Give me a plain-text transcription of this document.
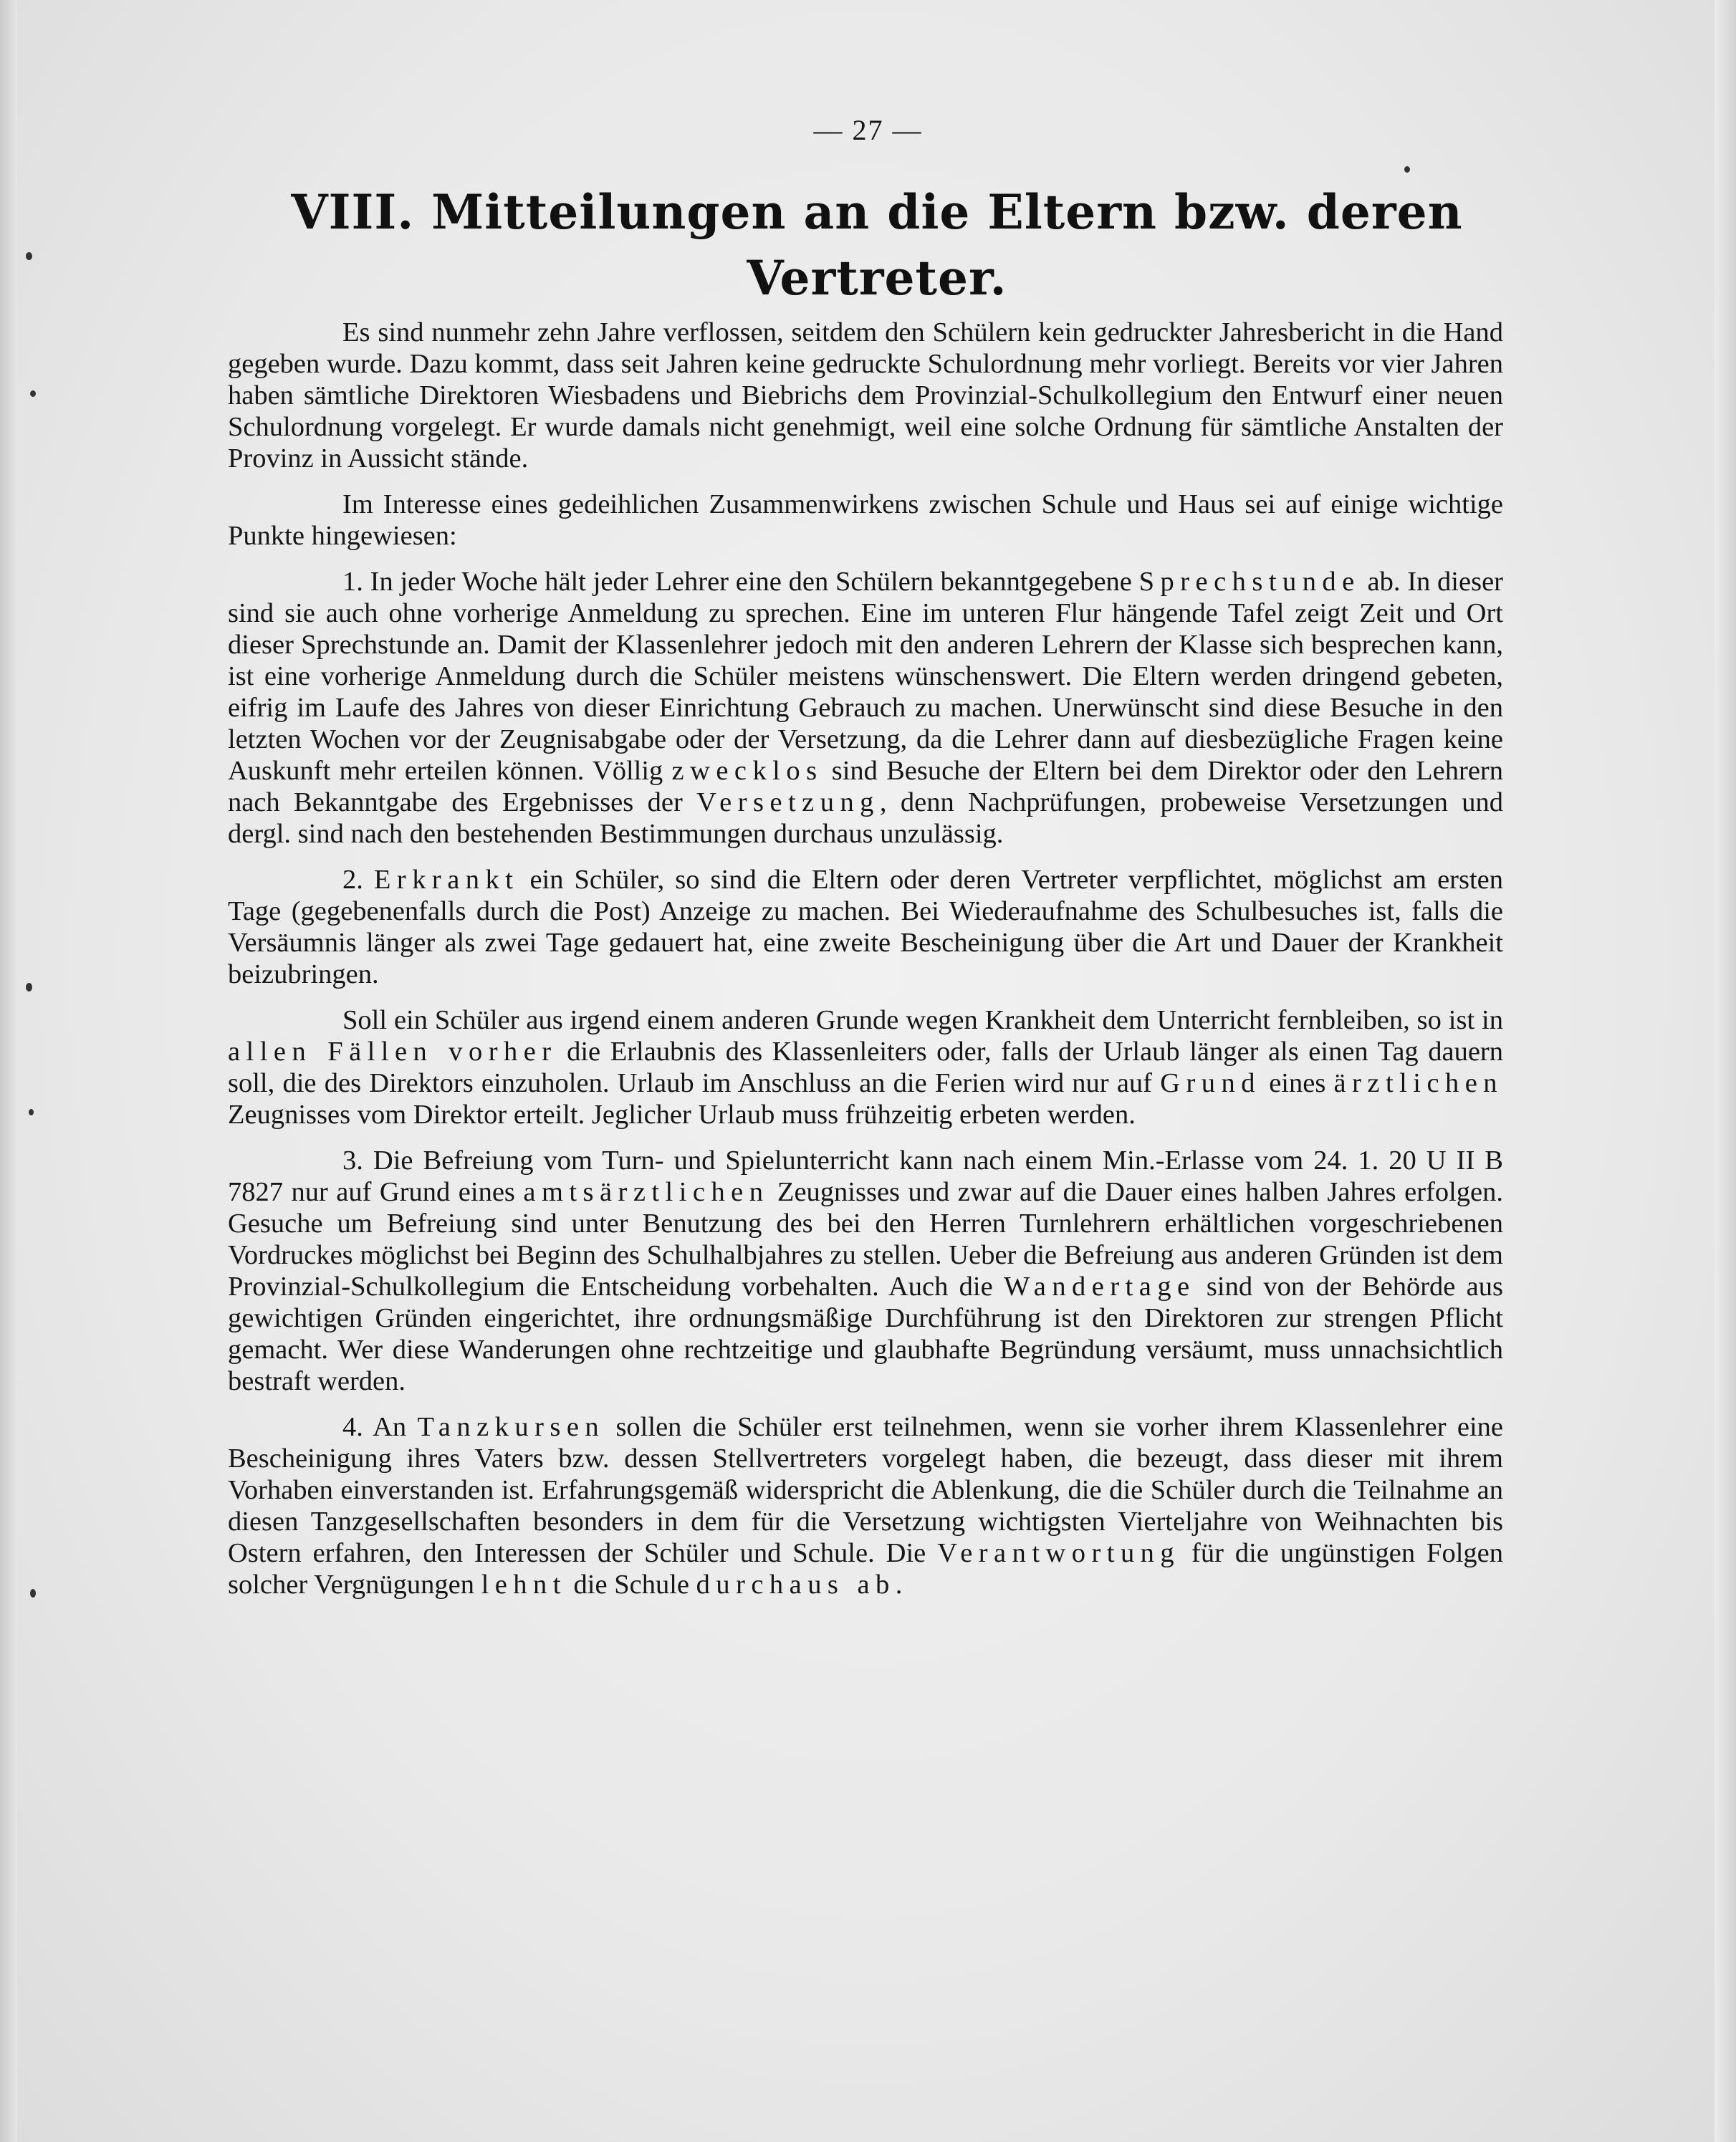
— 27 —
VIII. Mitteilungen an die Eltern bzw. deren Vertreter.

Es sind nunmehr zehn Jahre verflossen, seitdem den Schülern kein gedruckter Jahresbericht in die Hand gegeben wurde. Dazu kommt, dass seit Jahren keine gedruckte Schulordnung mehr vorliegt. Bereits vor vier Jahren haben sämtliche Direktoren Wiesbadens und Biebrichs dem Provinzial-Schulkollegium den Entwurf einer neuen Schulordnung vorgelegt. Er wurde damals nicht genehmigt, weil eine solche Ordnung für sämtliche Anstalten der Provinz in Aussicht stände.

Im Interesse eines gedeihlichen Zusammenwirkens zwischen Schule und Haus sei auf einige wichtige Punkte hingewiesen:

1. In jeder Woche hält jeder Lehrer eine den Schülern bekanntgegebene Sprechstunde ab. In dieser sind sie auch ohne vorherige Anmeldung zu sprechen. Eine im unteren Flur hängende Tafel zeigt Zeit und Ort dieser Sprechstunde an. Damit der Klassenlehrer jedoch mit den anderen Lehrern der Klasse sich besprechen kann, ist eine vorherige Anmeldung durch die Schüler meistens wünschenswert. Die Eltern werden dringend gebeten, eifrig im Laufe des Jahres von dieser Einrichtung Gebrauch zu machen. Unerwünscht sind diese Besuche in den letzten Wochen vor der Zeugnisabgabe oder der Versetzung, da die Lehrer dann auf diesbezügliche Fragen keine Auskunft mehr erteilen können. Völlig zwecklos sind Besuche der Eltern bei dem Direktor oder den Lehrern nach Bekanntgabe des Ergebnisses der Versetzung, denn Nachprüfungen, probeweise Versetzungen und dergl. sind nach den bestehenden Bestimmungen durchaus unzulässig.

2. Erkrankt ein Schüler, so sind die Eltern oder deren Vertreter verpflichtet, möglichst am ersten Tage (gegebenenfalls durch die Post) Anzeige zu machen. Bei Wiederaufnahme des Schulbesuches ist, falls die Versäumnis länger als zwei Tage gedauert hat, eine zweite Bescheinigung über die Art und Dauer der Krankheit beizubringen.

Soll ein Schüler aus irgend einem anderen Grunde wegen Krankheit dem Unterricht fernbleiben, so ist in allen Fällen vorher die Erlaubnis des Klassenleiters oder, falls der Urlaub länger als einen Tag dauern soll, die des Direktors einzuholen. Urlaub im Anschluss an die Ferien wird nur auf Grund eines ärztlichen Zeugnisses vom Direktor erteilt. Jeglicher Urlaub muss frühzeitig erbeten werden.

3. Die Befreiung vom Turn- und Spielunterricht kann nach einem Min.-Erlasse vom 24. 1. 20 U II B 7827 nur auf Grund eines amtsärztlichen Zeugnisses und zwar auf die Dauer eines halben Jahres erfolgen. Gesuche um Befreiung sind unter Benutzung des bei den Herren Turnlehrern erhältlichen vorgeschriebenen Vordruckes möglichst bei Beginn des Schulhalbjahres zu stellen. Ueber die Befreiung aus anderen Gründen ist dem Provinzial-Schulkollegium die Entscheidung vorbehalten. Auch die Wandertage sind von der Behörde aus gewichtigen Gründen eingerichtet, ihre ordnungsmäßige Durchführung ist den Direktoren zur strengen Pflicht gemacht. Wer diese Wanderungen ohne rechtzeitige und glaubhafte Begründung versäumt, muss unnachsichtlich bestraft werden.

4. An Tanzkursen sollen die Schüler erst teilnehmen, wenn sie vorher ihrem Klassenlehrer eine Bescheinigung ihres Vaters bzw. dessen Stellvertreters vorgelegt haben, die bezeugt, dass dieser mit ihrem Vorhaben einverstanden ist. Erfahrungsgemäß widerspricht die Ablenkung, die die Schüler durch die Teilnahme an diesen Tanzgesellschaften besonders in dem für die Versetzung wichtigsten Vierteljahre von Weihnachten bis Ostern erfahren, den Interessen der Schüler und Schule. Die Verantwortung für die ungünstigen Folgen solcher Vergnügungen lehnt die Schule durchaus ab.
